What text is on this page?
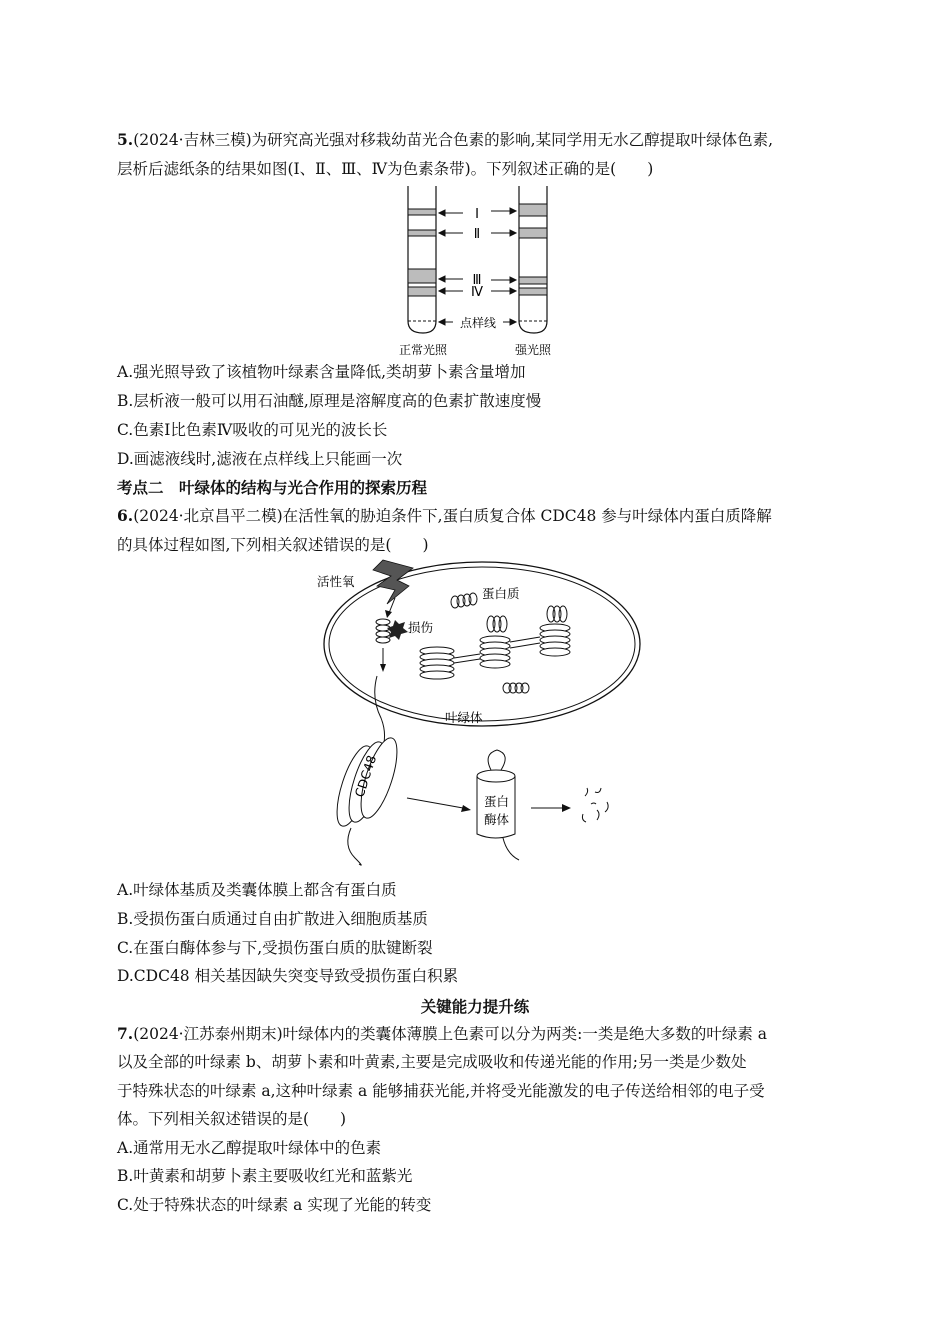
5.(2024·吉林三模)为研究高光强对移栽幼苗光合色素的影响,某同学用无水乙醇提取叶绿体色素,
层析后滤纸条的结果如图(Ⅰ、Ⅱ、Ⅲ、Ⅳ为色素条带)。下列叙述正确的是(　　)
Ⅰ
Ⅱ
Ⅲ
Ⅳ
点样线
正常光照	强光照
A.强光照导致了该植物叶绿素含量降低,类胡萝卜素含量增加
B.层析液一般可以用石油醚,原理是溶解度高的色素扩散速度慢
C.色素Ⅰ比色素Ⅳ吸收的可见光的波长长
D.画滤液线时,滤液在点样线上只能画一次
考点二　叶绿体的结构与光合作用的探索历程
6.(2024·北京昌平二模)在活性氧的胁迫条件下,蛋白质复合体 CDC48 参与叶绿体内蛋白质降解
的具体过程如图,下列相关叙述错误的是(　　)
活性氧
蛋白质
损伤
叶绿体
CDC48
蛋白
酶体
A.叶绿体基质及类囊体膜上都含有蛋白质
B.受损伤蛋白质通过自由扩散进入细胞质基质
C.在蛋白酶体参与下,受损伤蛋白质的肽键断裂
D.CDC48 相关基因缺失突变导致受损伤蛋白积累
关键能力提升练
7.(2024·江苏泰州期末)叶绿体内的类囊体薄膜上色素可以分为两类:一类是绝大多数的叶绿素 a
以及全部的叶绿素 b、胡萝卜素和叶黄素,主要是完成吸收和传递光能的作用;另一类是少数处
于特殊状态的叶绿素 a,这种叶绿素 a 能够捕获光能,并将受光能激发的电子传送给相邻的电子受
体。下列相关叙述错误的是(　　)
A.通常用无水乙醇提取叶绿体中的色素
B.叶黄素和胡萝卜素主要吸收红光和蓝紫光
C.处于特殊状态的叶绿素 a 实现了光能的转变
